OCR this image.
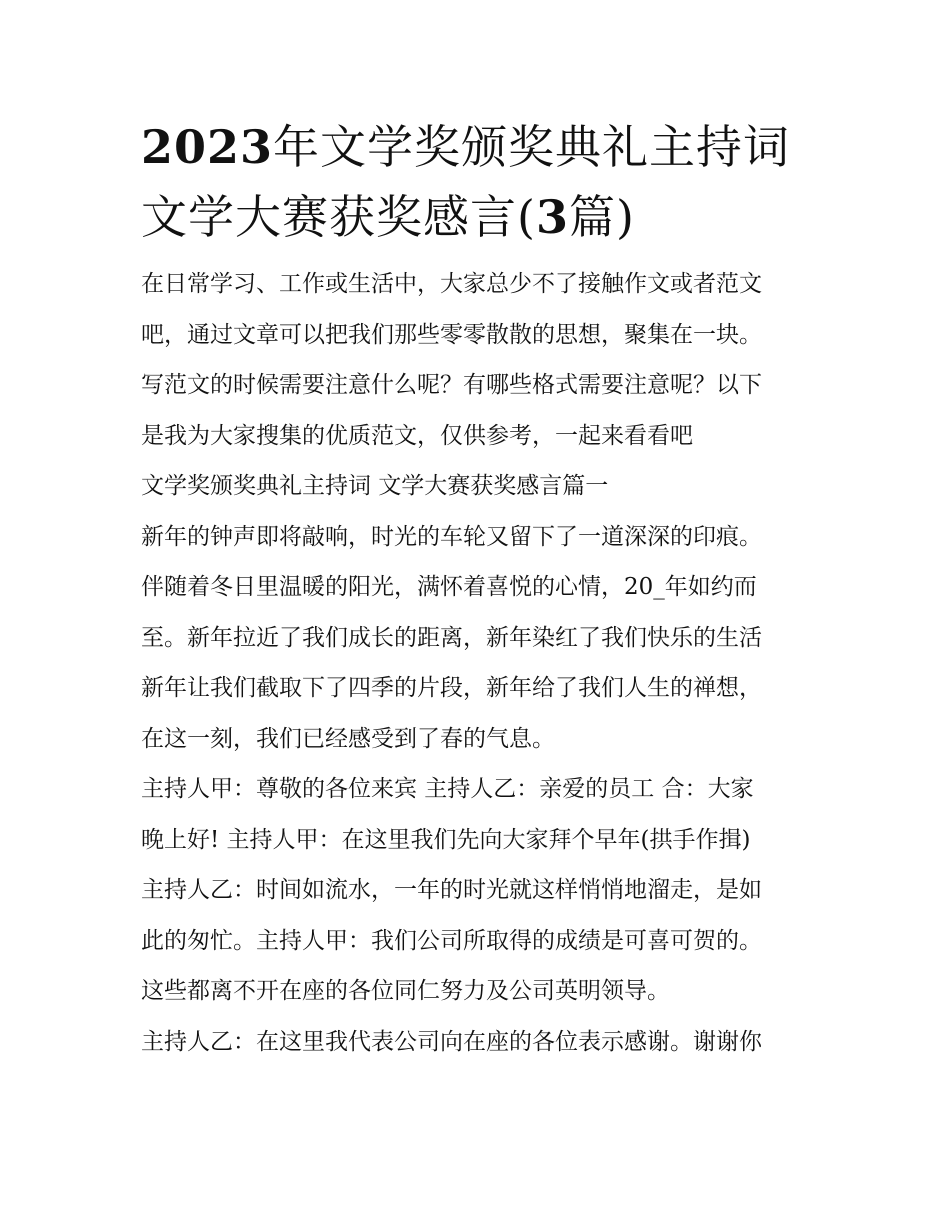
2023年文学奖颁奖典礼主持词
文学大赛获奖感言(3篇)

在日常学习、工作或生活中，大家总少不了接触作文或者范文

吧，通过文章可以把我们那些零零散散的思想，聚集在一块。

写范文的时候需要注意什么呢？有哪些格式需要注意呢？以下

是我为大家搜集的优质范文，仅供参考，一起来看看吧

文学奖颁奖典礼主持词 文学大赛获奖感言篇一

新年的钟声即将敲响，时光的车轮又留下了一道深深的印痕。

伴随着冬日里温暖的阳光，满怀着喜悦的心情，20_年如约而

至。新年拉近了我们成长的距离，新年染红了我们快乐的生活

新年让我们截取下了四季的片段，新年给了我们人生的禅想，

在这一刻，我们已经感受到了春的气息。

主持人甲：尊敬的各位来宾 主持人乙：亲爱的员工 合：大家

晚上好! 主持人甲：在这里我们先向大家拜个早年(拱手作揖)

主持人乙：时间如流水，一年的时光就这样悄悄地溜走，是如

此的匆忙。主持人甲：我们公司所取得的成绩是可喜可贺的。

这些都离不开在座的各位同仁努力及公司英明领导。

主持人乙：在这里我代表公司向在座的各位表示感谢。谢谢你
